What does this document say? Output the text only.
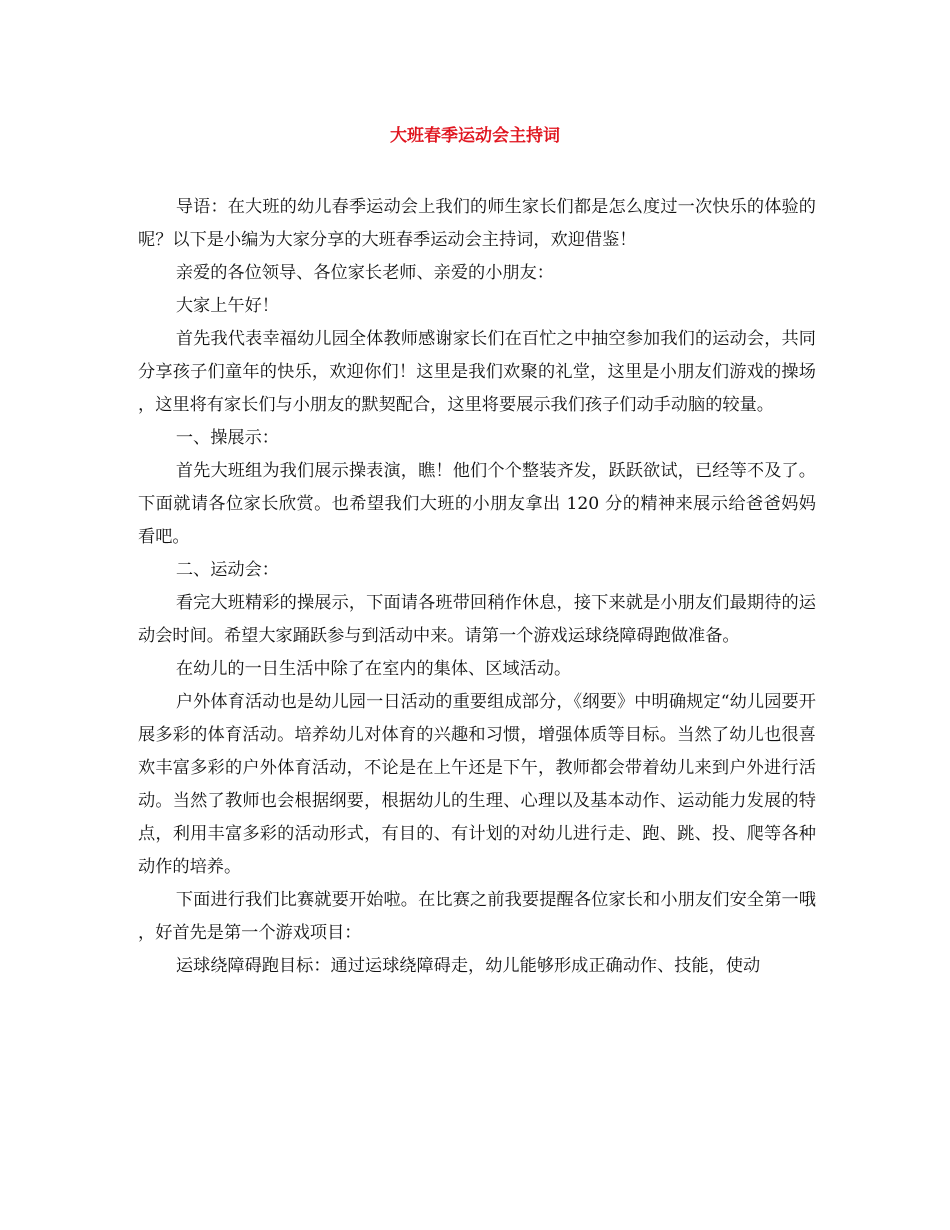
大班春季运动会主持词

导语：在大班的幼儿春季运动会上我们的师生家长们都是怎么度过一次快乐的体验的呢？以下是小编为大家分享的大班春季运动会主持词，欢迎借鉴！

亲爱的各位领导、各位家长老师、亲爱的小朋友：

大家上午好！

首先我代表幸福幼儿园全体教师感谢家长们在百忙之中抽空参加我们的运动会，共同分享孩子们童年的快乐，欢迎你们！这里是我们欢聚的礼堂，这里是小朋友们游戏的操场，这里将有家长们与小朋友的默契配合，这里将要展示我们孩子们动手动脑的较量。

一、操展示：

首先大班组为我们展示操表演，瞧！他们个个整装齐发，跃跃欲试，已经等不及了。下面就请各位家长欣赏。也希望我们大班的小朋友拿出 120 分的精神来展示给爸爸妈妈看吧。

二、运动会：

看完大班精彩的操展示，下面请各班带回稍作休息，接下来就是小朋友们最期待的运动会时间。希望大家踊跃参与到活动中来。请第一个游戏运球绕障碍跑做准备。

在幼儿的一日生活中除了在室内的集体、区域活动。

户外体育活动也是幼儿园一日活动的重要组成部分，《纲要》中明确规定“幼儿园要开展多彩的体育活动。培养幼儿对体育的兴趣和习惯，增强体质等目标。当然了幼儿也很喜欢丰富多彩的户外体育活动，不论是在上午还是下午，教师都会带着幼儿来到户外进行活动。当然了教师也会根据纲要，根据幼儿的生理、心理以及基本动作、运动能力发展的特点，利用丰富多彩的活动形式，有目的、有计划的对幼儿进行走、跑、跳、投、爬等各种动作的培养。

下面进行我们比赛就要开始啦。在比赛之前我要提醒各位家长和小朋友们安全第一哦，好首先是第一个游戏项目：

运球绕障碍跑目标：通过运球绕障碍走，幼儿能够形成正确动作、技能，使动
